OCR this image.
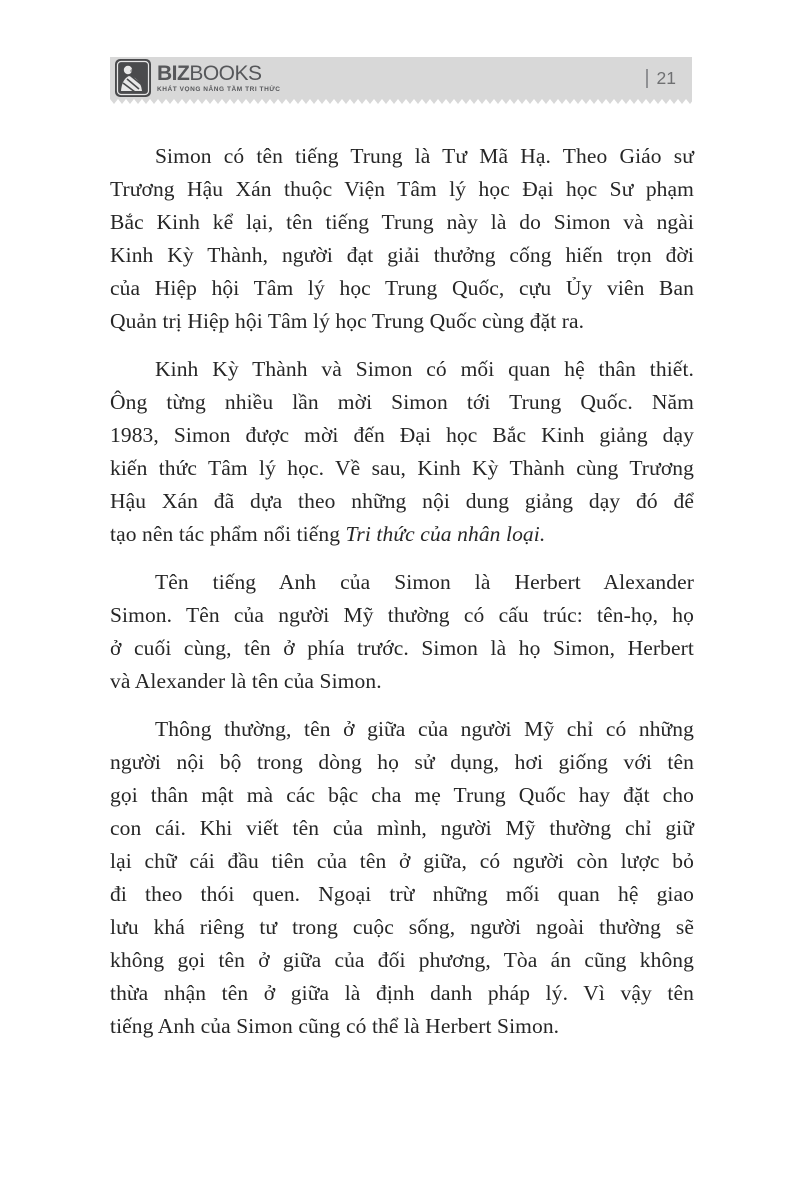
BIZBOOKS
KHÁT VỌNG NÂNG TẦM TRI THỨC
21
Simon có tên tiếng Trung là Tư Mã Hạ. Theo Giáo sư
Trương Hậu Xán thuộc Viện Tâm lý học Đại học Sư phạm
Bắc Kinh kể lại, tên tiếng Trung này là do Simon và ngài
Kinh Kỳ Thành, người đạt giải thưởng cống hiến trọn đời
của Hiệp hội Tâm lý học Trung Quốc, cựu Ủy viên Ban
Quản trị Hiệp hội Tâm lý học Trung Quốc cùng đặt ra.
Kinh Kỳ Thành và Simon có mối quan hệ thân thiết.
Ông từng nhiều lần mời Simon tới Trung Quốc. Năm
1983, Simon được mời đến Đại học Bắc Kinh giảng dạy
kiến thức Tâm lý học. Về sau, Kinh Kỳ Thành cùng Trương
Hậu Xán đã dựa theo những nội dung giảng dạy đó để
tạo nên tác phẩm nổi tiếng Tri thức của nhân loại.
Tên tiếng Anh của Simon là Herbert Alexander
Simon. Tên của người Mỹ thường có cấu trúc: tên-họ, họ
ở cuối cùng, tên ở phía trước. Simon là họ Simon, Herbert
và Alexander là tên của Simon.
Thông thường, tên ở giữa của người Mỹ chỉ có những
người nội bộ trong dòng họ sử dụng, hơi giống với tên
gọi thân mật mà các bậc cha mẹ Trung Quốc hay đặt cho
con cái. Khi viết tên của mình, người Mỹ thường chỉ giữ
lại chữ cái đầu tiên của tên ở giữa, có người còn lược bỏ
đi theo thói quen. Ngoại trừ những mối quan hệ giao
lưu khá riêng tư trong cuộc sống, người ngoài thường sẽ
không gọi tên ở giữa của đối phương, Tòa án cũng không
thừa nhận tên ở giữa là định danh pháp lý. Vì vậy tên
tiếng Anh của Simon cũng có thể là Herbert Simon.
